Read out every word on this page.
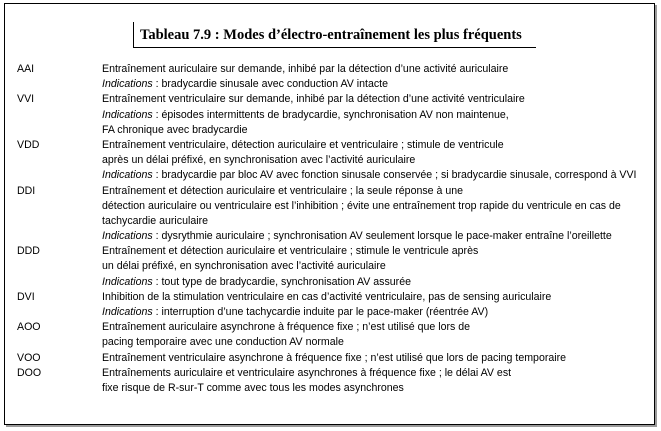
Tableau 7.9 : Modes d’électro-entraînement les plus fréquents
AAI	Entraînement auriculaire sur demande, inhibé par la détection d’une activité auriculaire
Indications : bradycardie sinusale avec conduction AV intacte
VVI	Entraînement ventriculaire sur demande, inhibé par la détection d’une activité ventriculaire
Indications : épisodes intermittents de bradycardie, synchronisation AV non maintenue,
FA chronique avec bradycardie
VDD	Entraînement ventriculaire, détection auriculaire et ventriculaire ; stimule de ventricule
après un délai préfixé, en synchronisation avec l’activité auriculaire
Indications : bradycardie par bloc AV avec fonction sinusale conservée ; si bradycardie sinusale, correspond à VVI
DDI	Entraînement et détection auriculaire et ventriculaire ; la seule réponse à une
détection auriculaire ou ventriculaire est l’inhibition ; évite une entraînement trop rapide du ventricule en cas de
tachycardie auriculaire
Indications : dysrythmie auriculaire ; synchronisation AV seulement lorsque le pace-maker entraîne l’oreillette
DDD	Entraînement et détection auriculaire et ventriculaire ; stimule le ventricule après
un délai préfixé, en synchronisation avec l’activité auriculaire
Indications : tout type de bradycardie, synchronisation AV assurée
DVI	Inhibition de la stimulation ventriculaire en cas d’activité ventriculaire, pas de sensing auriculaire
Indications : interruption d’une tachycardie induite par le pace-maker (réentrée AV)
AOO	Entraînement auriculaire asynchrone à fréquence fixe ; n’est utilisé que lors de
pacing temporaire avec une conduction AV normale
VOO	Entraînement ventriculaire asynchrone à fréquence fixe ; n’est utilisé que lors de pacing temporaire
DOO	Entraînements auriculaire et ventriculaire asynchrones à fréquence fixe ; le délai AV est
fixe risque de R-sur-T comme avec tous les modes asynchrones
